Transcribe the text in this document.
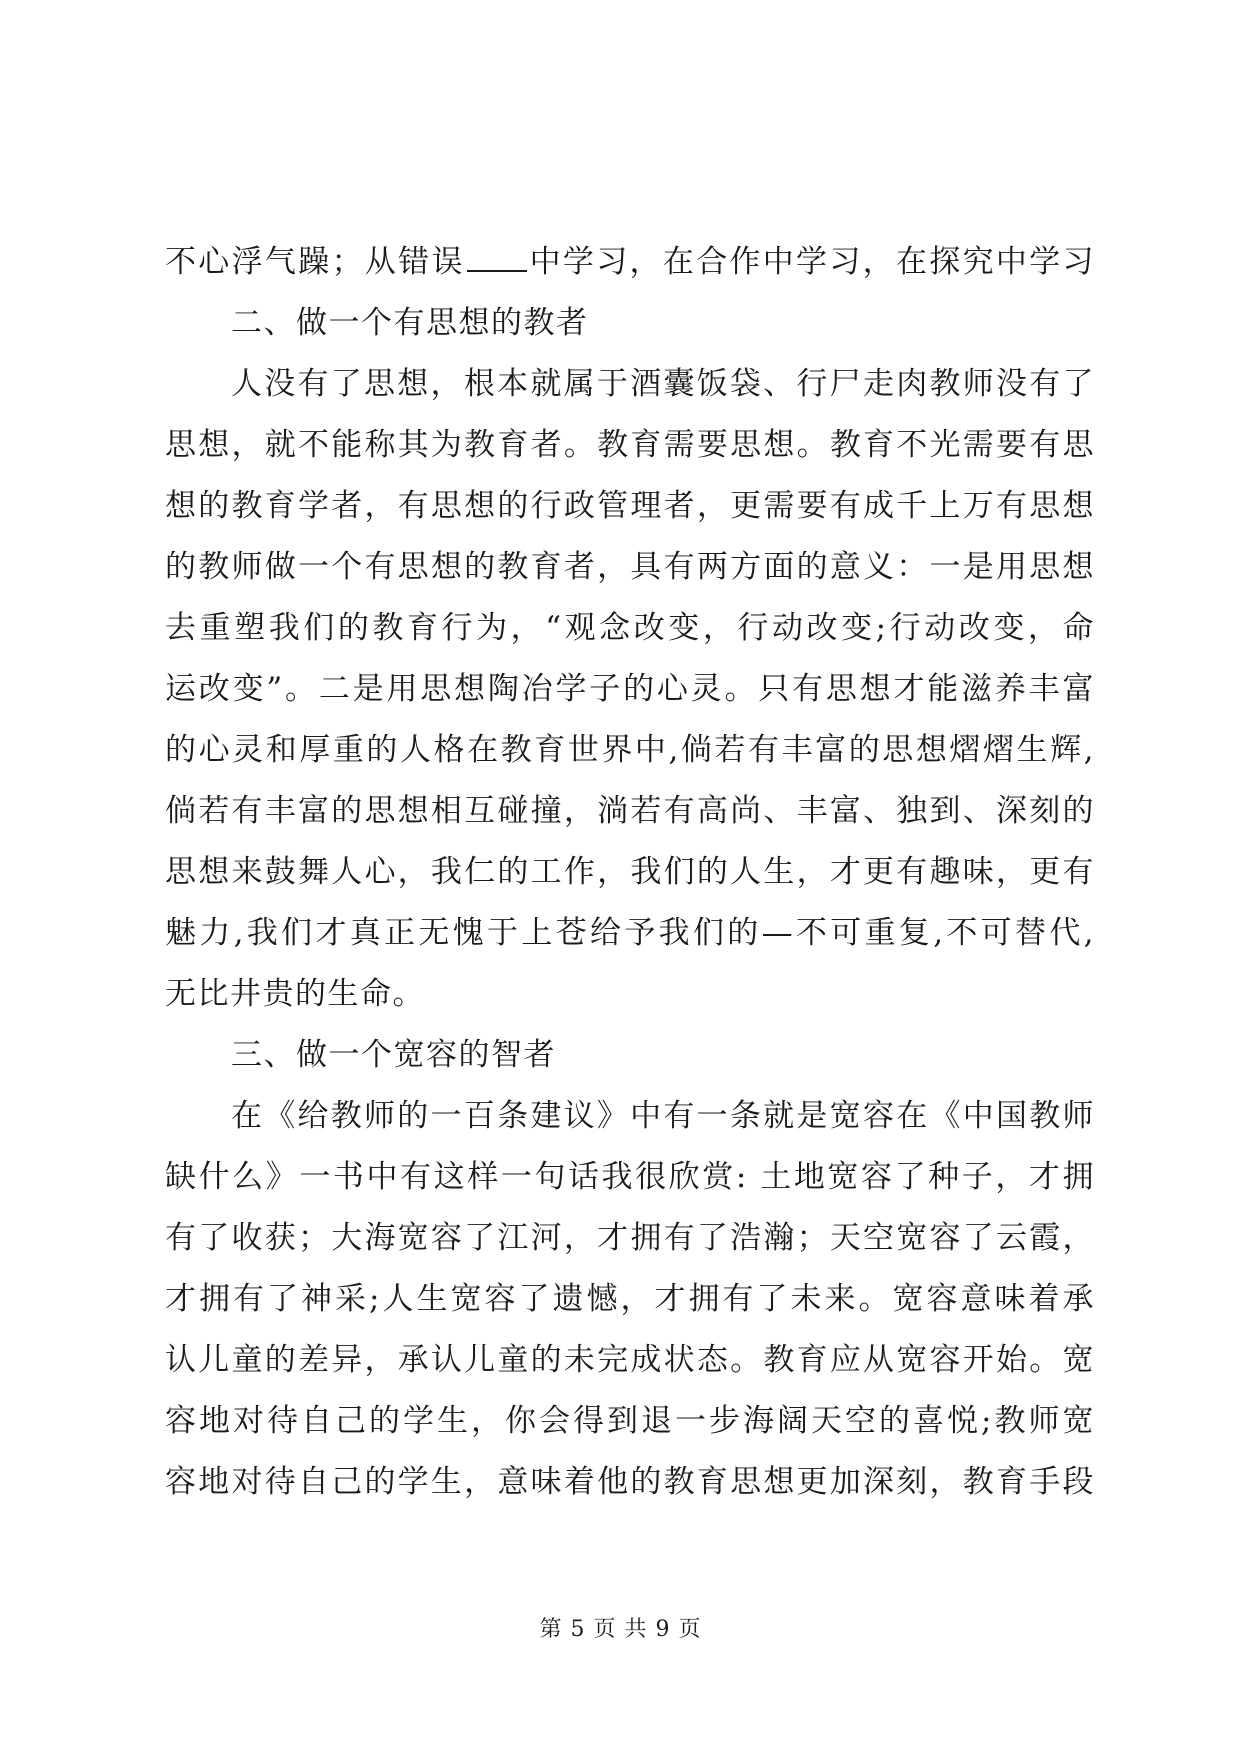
不心浮气躁；从错误 中学习，在合作中学习，在探究中学习
二、做一个有思想的教者
人没有了思想，根本就属于酒囊饭袋、行尸走肉教师没有了
思想，就不能称其为教育者。教育需要思想。教育不光需要有思
想的教育学者，有思想的行政管理者，更需要有成千上万有思想
的教师做一个有思想的教育者，具有两方面的意义：一是用思想
去重塑我们的教育行为，“观念改变，行动改变;行动改变，命
运改变”。二是用思想陶冶学子的心灵。只有思想才能滋养丰富
的心灵和厚重的人格在教育世界中,倘若有丰富的思想熠熠生辉,
倘若有丰富的思想相互碰撞，淌若有高尚、丰富、独到、深刻的
思想来鼓舞人心，我仁的工作，我们的人生，才更有趣味，更有
魅力,我们才真正无愧于上苍给予我们的—不可重复,不可替代,
无比井贵的生命。
三、做一个宽容的智者
在《给教师的一百条建议》中有一条就是宽容在《中国教师
缺什么》一书中有这样一句话我很欣赏: 土地宽容了种子，才拥
有了收获；大海宽容了江河，才拥有了浩瀚；天空宽容了云霞，
才拥有了神采;人生宽容了遗憾，才拥有了未来。宽容意味着承
认儿童的差异，承认儿童的未完成状态。教育应从宽容开始。宽
容地对待自己的学生，你会得到退一步海阔天空的喜悦;教师宽
容地对待自己的学生，意味着他的教育思想更加深刻，教育手段
第 5 页 共 9 页
